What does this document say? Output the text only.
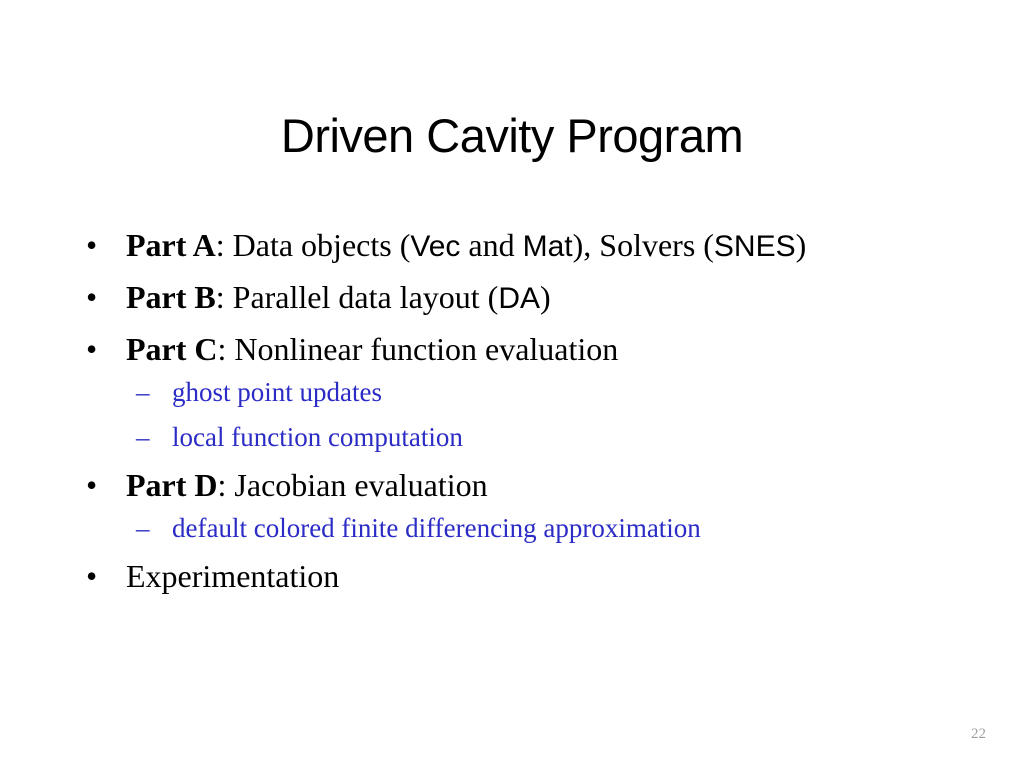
Driven Cavity Program
• Part A: Data objects (Vec and Mat), Solvers (SNES)
• Part B: Parallel data layout (DA)
• Part C: Nonlinear function evaluation
– ghost point updates
– local function computation
• Part D: Jacobian evaluation
– default colored finite differencing approximation
• Experimentation
22
